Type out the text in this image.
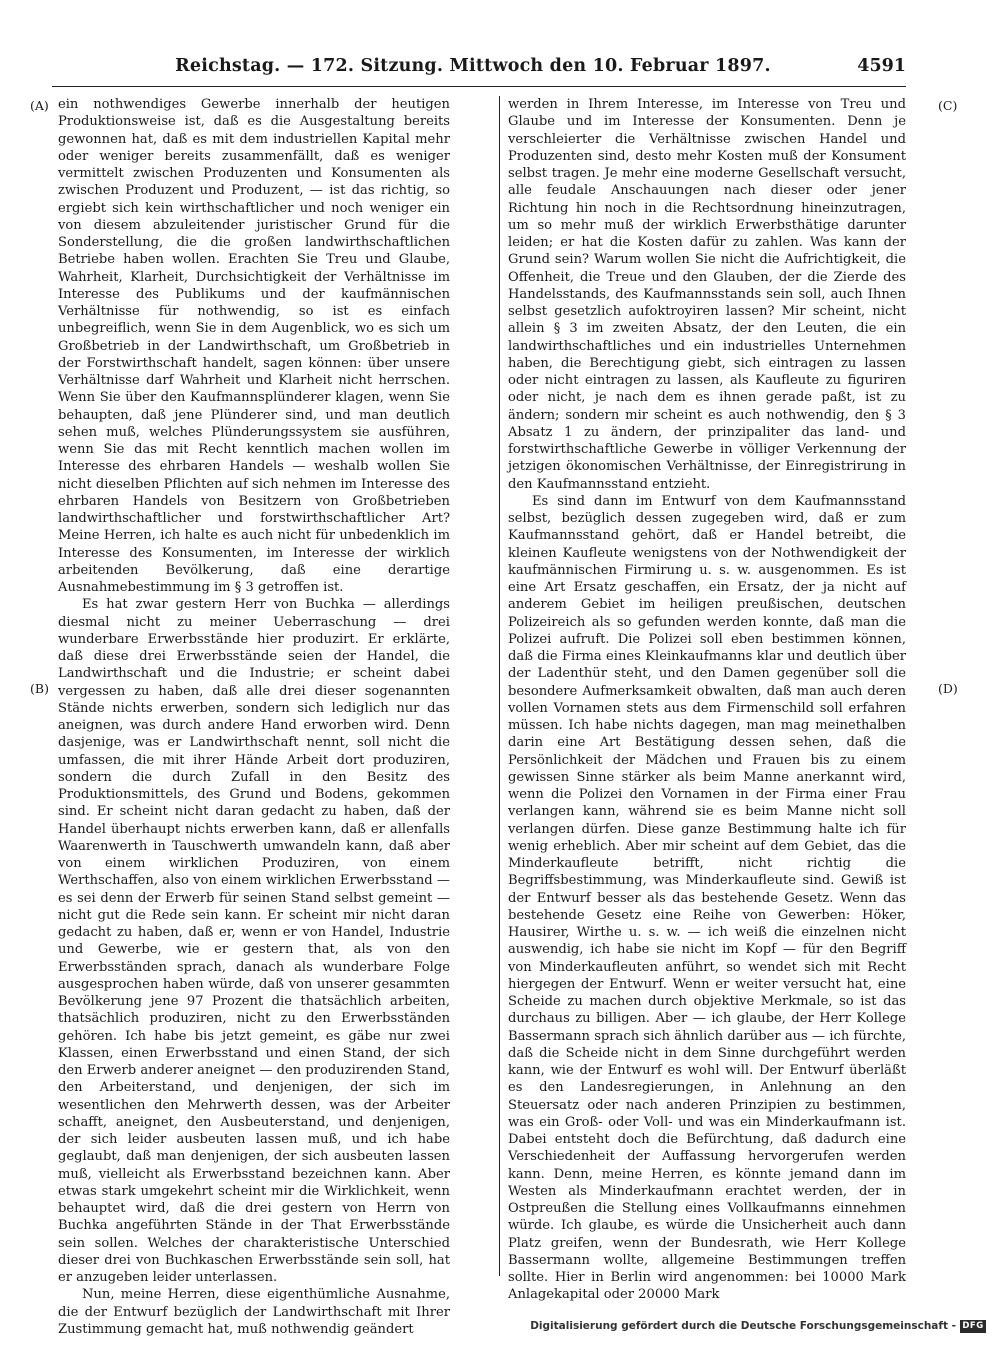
Reichstag. — 172. Sitzung. Mittwoch den 10. Februar 1897.	4591
(A)
(B)
(C)
(D)

ein nothwendiges Gewerbe innerhalb der heutigen Produktionsweise ist, daß es die Ausgestaltung bereits gewonnen hat, daß es mit dem industriellen Kapital mehr oder weniger bereits zusammenfällt, daß es weniger vermittelt zwischen Produzenten und Konsumenten als zwischen Produzent und Produzent, — ist das richtig, so ergiebt sich kein wirthschaftlicher und noch weniger ein von diesem abzuleitender juristischer Grund für die Sonderstellung, die die großen landwirthschaftlichen Betriebe haben wollen. Erachten Sie Treu und Glaube, Wahrheit, Klarheit, Durchsichtigkeit der Verhältnisse im Interesse des Publikums und der kaufmännischen Verhältnisse für nothwendig, so ist es einfach unbegreiflich, wenn Sie in dem Augenblick, wo es sich um Großbetrieb in der Landwirthschaft, um Großbetrieb in der Forstwirthschaft handelt, sagen können: über unsere Verhältnisse darf Wahrheit und Klarheit nicht herrschen. Wenn Sie über den Kaufmannsplünderer klagen, wenn Sie behaupten, daß jene Plünderer sind, und man deutlich sehen muß, welches Plünderungssystem sie ausführen, wenn Sie das mit Recht kenntlich machen wollen im Interesse des ehrbaren Handels — weshalb wollen Sie nicht dieselben Pflichten auf sich nehmen im Interesse des ehrbaren Handels von Besitzern von Großbetrieben landwirthschaftlicher und forstwirthschaftlicher Art? Meine Herren, ich halte es auch nicht für unbedenklich im Interesse des Konsumenten, im Interesse der wirklich arbeitenden Bevölkerung, daß eine derartige Ausnahmebestimmung im § 3 getroffen ist.

Es hat zwar gestern Herr von Buchka — allerdings diesmal nicht zu meiner Ueberraschung — drei wunderbare Erwerbsstände hier produzirt. Er erklärte, daß diese drei Erwerbsstände seien der Handel, die Landwirthschaft und die Industrie; er scheint dabei vergessen zu haben, daß alle drei dieser sogenannten Stände nichts erwerben, sondern sich lediglich nur das aneignen, was durch andere Hand erworben wird. Denn dasjenige, was er Landwirthschaft nennt, soll nicht die umfassen, die mit ihrer Hände Arbeit dort produziren, sondern die durch Zufall in den Besitz des Produktionsmittels, des Grund und Bodens, gekommen sind. Er scheint nicht daran gedacht zu haben, daß der Handel überhaupt nichts erwerben kann, daß er allenfalls Waarenwerth in Tauschwerth umwandeln kann, daß aber von einem wirklichen Produziren, von einem Werthschaffen, also von einem wirklichen Erwerbsstand — es sei denn der Erwerb für seinen Stand selbst gemeint — nicht gut die Rede sein kann. Er scheint mir nicht daran gedacht zu haben, daß er, wenn er von Handel, Industrie und Gewerbe, wie er gestern that, als von den Erwerbsständen sprach, danach als wunderbare Folge ausgesprochen haben würde, daß von unserer gesammten Bevölkerung jene 97 Prozent die thatsächlich arbeiten, thatsächlich produziren, nicht zu den Erwerbsständen gehören. Ich habe bis jetzt gemeint, es gäbe nur zwei Klassen, einen Erwerbsstand und einen Stand, der sich den Erwerb anderer aneignet — den produzirenden Stand, den Arbeiterstand, und denjenigen, der sich im wesentlichen den Mehrwerth dessen, was der Arbeiter schafft, aneignet, den Ausbeuterstand, und denjenigen, der sich leider ausbeuten lassen muß, und ich habe geglaubt, daß man denjenigen, der sich ausbeuten lassen muß, vielleicht als Erwerbsstand bezeichnen kann. Aber etwas stark umgekehrt scheint mir die Wirklichkeit, wenn behauptet wird, daß die drei gestern von Herrn von Buchka angeführten Stände in der That Erwerbsstände sein sollen. Welches der charakteristische Unterschied dieser drei von Buchkaschen Erwerbsstände sein soll, hat er anzugeben leider unterlassen.

Nun, meine Herren, diese eigenthümliche Ausnahme, die der Entwurf bezüglich der Landwirthschaft mit Ihrer Zustimmung gemacht hat, muß nothwendig geändert

werden in Ihrem Interesse, im Interesse von Treu und Glaube und im Interesse der Konsumenten. Denn je verschleierter die Verhältnisse zwischen Handel und Produzenten sind, desto mehr Kosten muß der Konsument selbst tragen. Je mehr eine moderne Gesellschaft versucht, alle feudale Anschauungen nach dieser oder jener Richtung hin noch in die Rechtsordnung hineinzutragen, um so mehr muß der wirklich Erwerbsthätige darunter leiden; er hat die Kosten dafür zu zahlen. Was kann der Grund sein? Warum wollen Sie nicht die Aufrichtigkeit, die Offenheit, die Treue und den Glauben, der die Zierde des Handelsstands, des Kaufmannsstands sein soll, auch Ihnen selbst gesetzlich aufoktroyiren lassen? Mir scheint, nicht allein § 3 im zweiten Absatz, der den Leuten, die ein landwirthschaftliches und ein industrielles Unternehmen haben, die Berechtigung giebt, sich eintragen zu lassen oder nicht eintragen zu lassen, als Kaufleute zu figuriren oder nicht, je nach dem es ihnen gerade paßt, ist zu ändern; sondern mir scheint es auch nothwendig, den § 3 Absatz 1 zu ändern, der prinzipaliter das land- und forstwirthschaftliche Gewerbe in völliger Verkennung der jetzigen ökonomischen Verhältnisse, der Einregistrirung in den Kaufmannsstand entzieht.

Es sind dann im Entwurf von dem Kaufmannsstand selbst, bezüglich dessen zugegeben wird, daß er zum Kaufmannsstand gehört, daß er Handel betreibt, die kleinen Kaufleute wenigstens von der Nothwendigkeit der kaufmännischen Firmirung u. s. w. ausgenommen. Es ist eine Art Ersatz geschaffen, ein Ersatz, der ja nicht auf anderem Gebiet im heiligen preußischen, deutschen Polizeireich als so gefunden werden konnte, daß man die Polizei aufruft. Die Polizei soll eben bestimmen können, daß die Firma eines Kleinkaufmanns klar und deutlich über der Ladenthür steht, und den Damen gegenüber soll die besondere Aufmerksamkeit obwalten, daß man auch deren vollen Vornamen stets aus dem Firmenschild soll erfahren müssen. Ich habe nichts dagegen, man mag meinethalben darin eine Art Bestätigung dessen sehen, daß die Persönlichkeit der Mädchen und Frauen bis zu einem gewissen Sinne stärker als beim Manne anerkannt wird, wenn die Polizei den Vornamen in der Firma einer Frau verlangen kann, während sie es beim Manne nicht soll verlangen dürfen. Diese ganze Bestimmung halte ich für wenig erheblich. Aber mir scheint auf dem Gebiet, das die Minderkaufleute betrifft, nicht richtig die Begriffsbestimmung, was Minderkaufleute sind. Gewiß ist der Entwurf besser als das bestehende Gesetz. Wenn das bestehende Gesetz eine Reihe von Gewerben: Höker, Hausirer, Wirthe u. s. w. — ich weiß die einzelnen nicht auswendig, ich habe sie nicht im Kopf — für den Begriff von Minderkaufleuten anführt, so wendet sich mit Recht hiergegen der Entwurf. Wenn er weiter versucht hat, eine Scheide zu machen durch objektive Merkmale, so ist das durchaus zu billigen. Aber — ich glaube, der Herr Kollege Bassermann sprach sich ähnlich darüber aus — ich fürchte, daß die Scheide nicht in dem Sinne durchgeführt werden kann, wie der Entwurf es wohl will. Der Entwurf überläßt es den Landesregierungen, in Anlehnung an den Steuersatz oder nach anderen Prinzipien zu bestimmen, was ein Groß- oder Voll- und was ein Minderkaufmann ist. Dabei entsteht doch die Befürchtung, daß dadurch eine Verschiedenheit der Auffassung hervorgerufen werden kann. Denn, meine Herren, es könnte jemand dann im Westen als Minderkaufmann erachtet werden, der in Ostpreußen die Stellung eines Vollkaufmanns einnehmen würde. Ich glaube, es würde die Unsicherheit auch dann Platz greifen, wenn der Bundesrath, wie Herr Kollege Bassermann wollte, allgemeine Bestimmungen treffen sollte. Hier in Berlin wird angenommen: bei 10000 Mark Anlagekapital oder 20000 Mark

Digitalisierung gefördert durch die Deutsche Forschungsgemeinschaft - DFG
